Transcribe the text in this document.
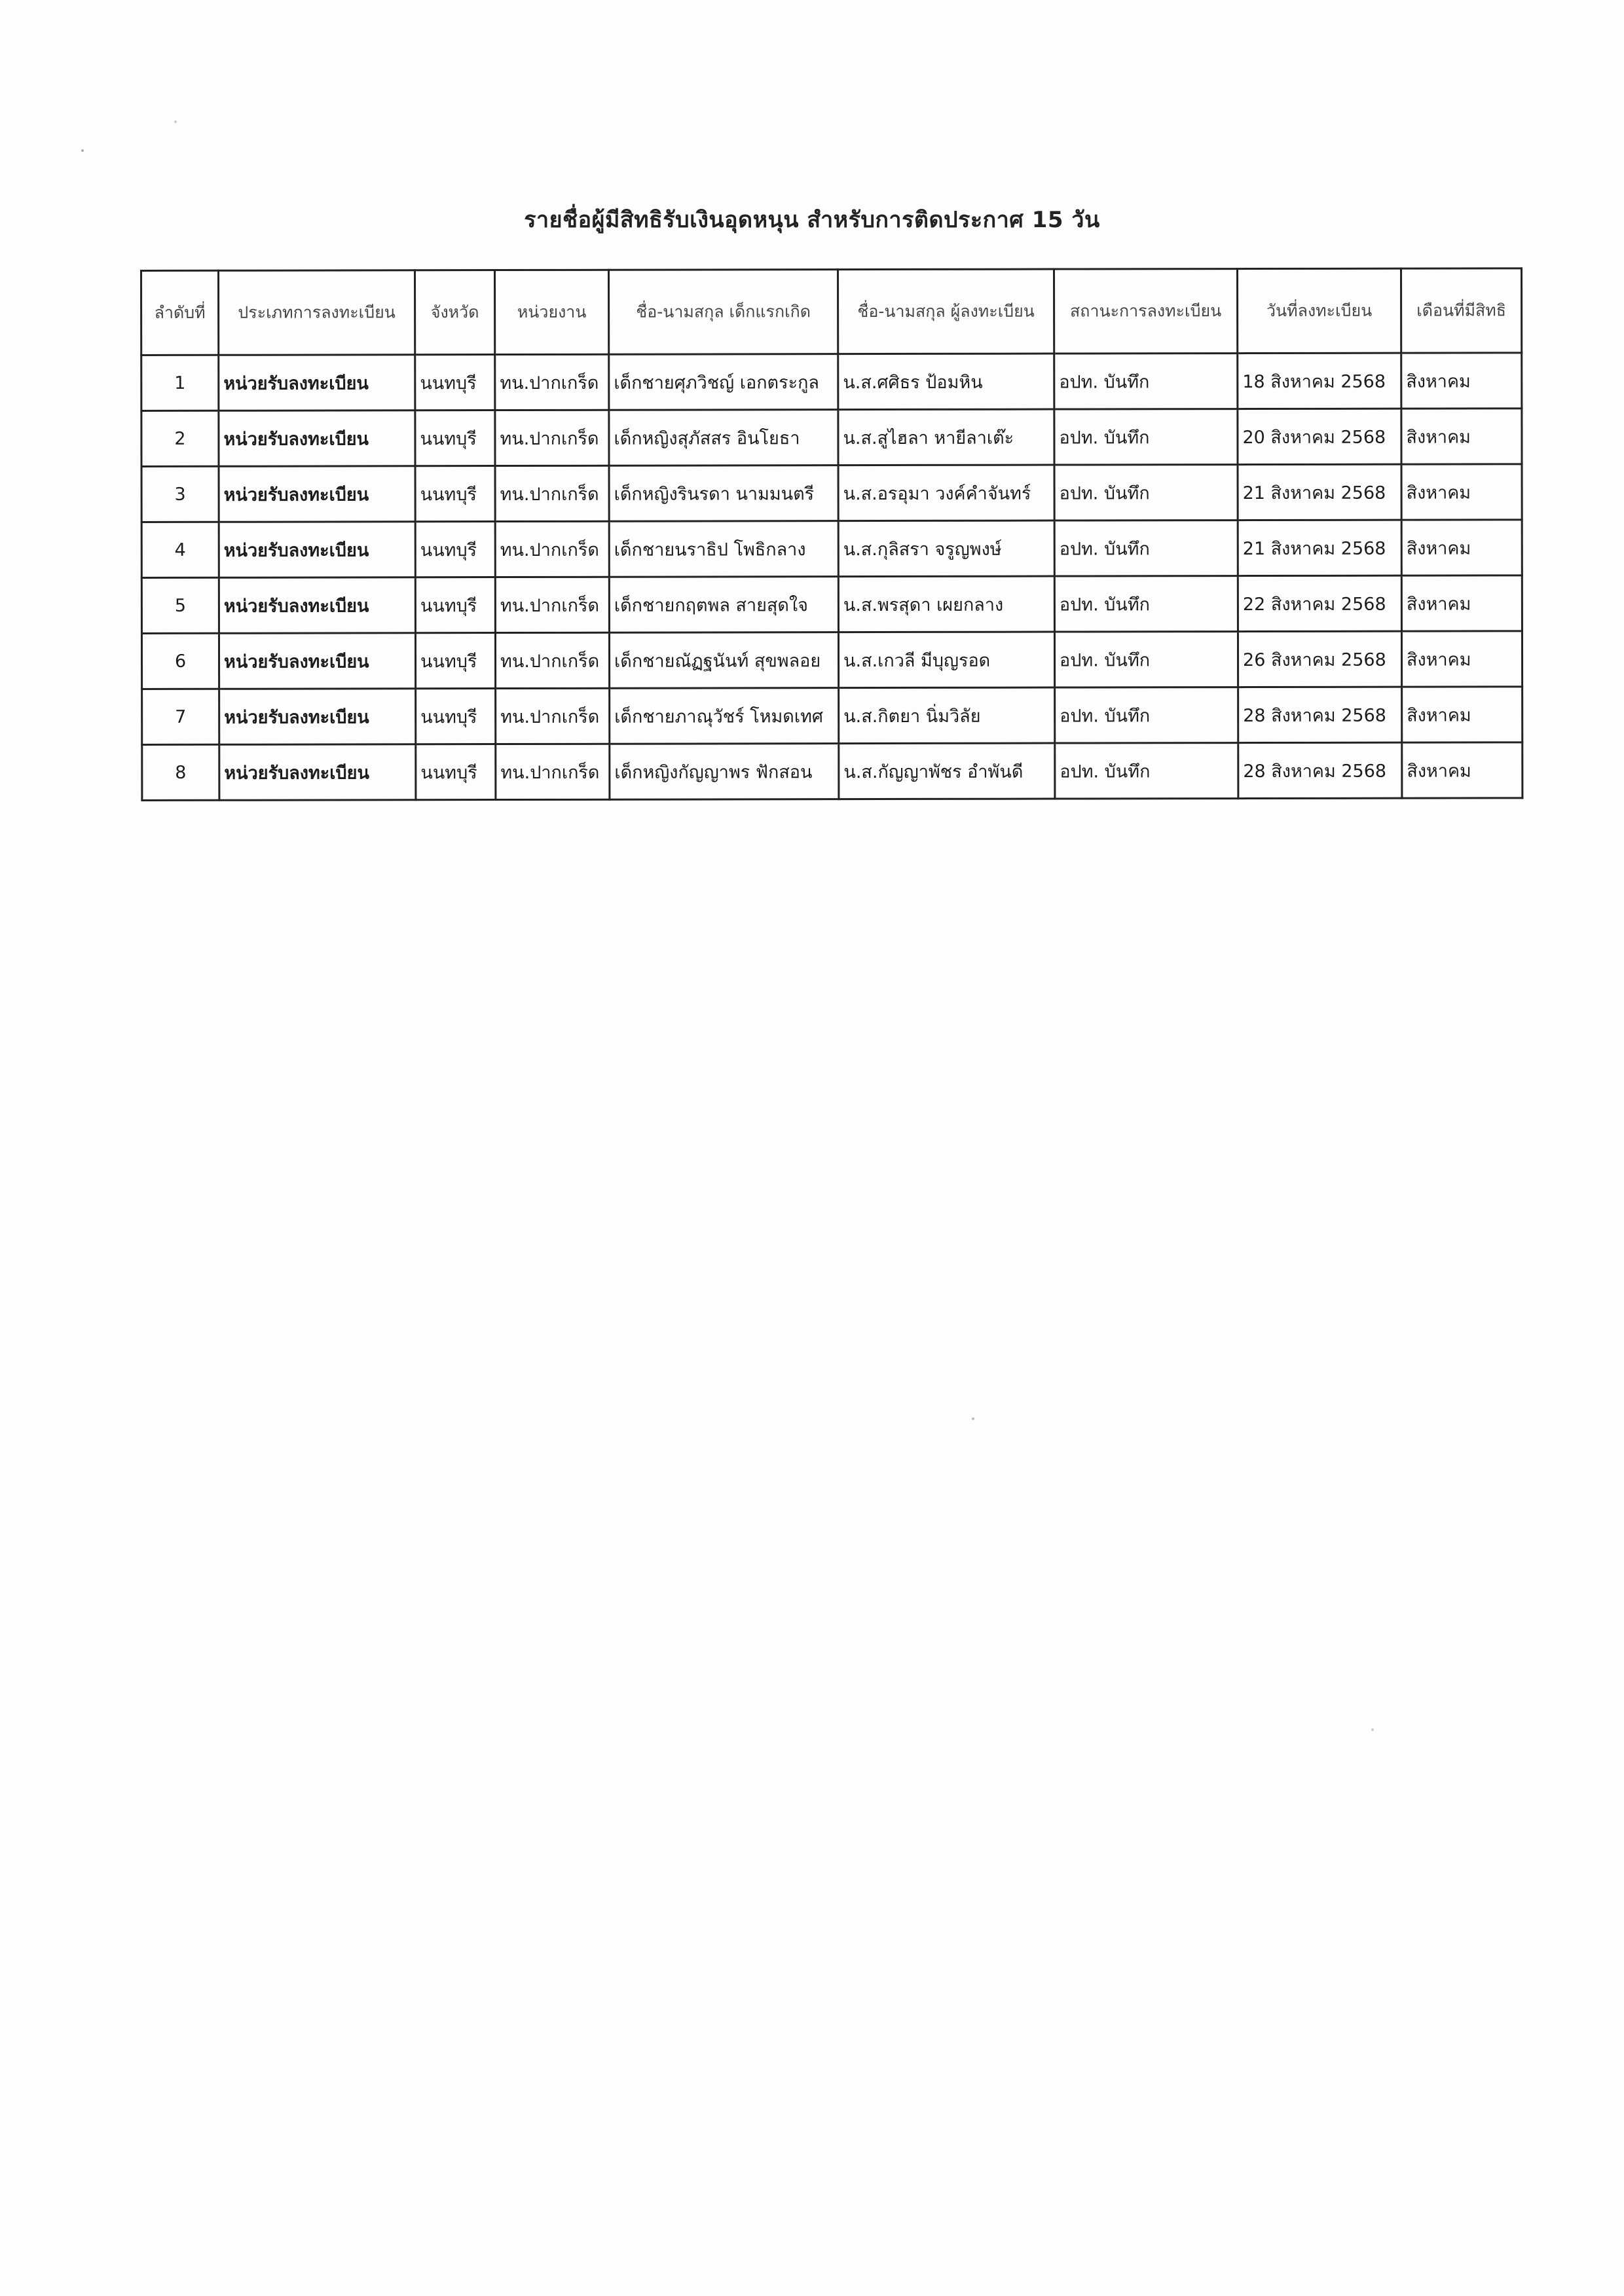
รายชื่อผู้มีสิทธิรับเงินอุดหนุน สำหรับการติดประกาศ 15 วัน
ลำดับที่	ประเภทการลงทะเบียน	จังหวัด	หน่วยงาน	ชื่อ-นามสกุล เด็กแรกเกิด	ชื่อ-นามสกุล ผู้ลงทะเบียน	สถานะการลงทะเบียน	วันที่ลงทะเบียน	เดือนที่มีสิทธิ
1	หน่วยรับลงทะเบียน	นนทบุรี	ทน.ปากเกร็ด	เด็กชายศุภวิชญ์ เอกตระกูล	น.ส.ศศิธร ป้อมหิน	อปท. บันทึก	18 สิงหาคม 2568	สิงหาคม
2	หน่วยรับลงทะเบียน	นนทบุรี	ทน.ปากเกร็ด	เด็กหญิงสุภัสสร อินโยธา	น.ส.สูไฮลา หายีลาเต๊ะ	อปท. บันทึก	20 สิงหาคม 2568	สิงหาคม
3	หน่วยรับลงทะเบียน	นนทบุรี	ทน.ปากเกร็ด	เด็กหญิงรินรดา นามมนตรี	น.ส.อรอุมา วงค์คำจันทร์	อปท. บันทึก	21 สิงหาคม 2568	สิงหาคม
4	หน่วยรับลงทะเบียน	นนทบุรี	ทน.ปากเกร็ด	เด็กชายนราธิป โพธิกลาง	น.ส.กุลิสรา จรูญพงษ์	อปท. บันทึก	21 สิงหาคม 2568	สิงหาคม
5	หน่วยรับลงทะเบียน	นนทบุรี	ทน.ปากเกร็ด	เด็กชายกฤตพล สายสุดใจ	น.ส.พรสุดา เผยกลาง	อปท. บันทึก	22 สิงหาคม 2568	สิงหาคม
6	หน่วยรับลงทะเบียน	นนทบุรี	ทน.ปากเกร็ด	เด็กชายณัฏฐนันท์ สุขพลอย	น.ส.เกวลี มีบุญรอด	อปท. บันทึก	26 สิงหาคม 2568	สิงหาคม
7	หน่วยรับลงทะเบียน	นนทบุรี	ทน.ปากเกร็ด	เด็กชายภาณุวัชร์ โหมดเทศ	น.ส.กิตยา นิ่มวิลัย	อปท. บันทึก	28 สิงหาคม 2568	สิงหาคม
8	หน่วยรับลงทะเบียน	นนทบุรี	ทน.ปากเกร็ด	เด็กหญิงกัญญาพร ฟักสอน	น.ส.กัญญาพัชร อำพันดี	อปท. บันทึก	28 สิงหาคม 2568	สิงหาคม
